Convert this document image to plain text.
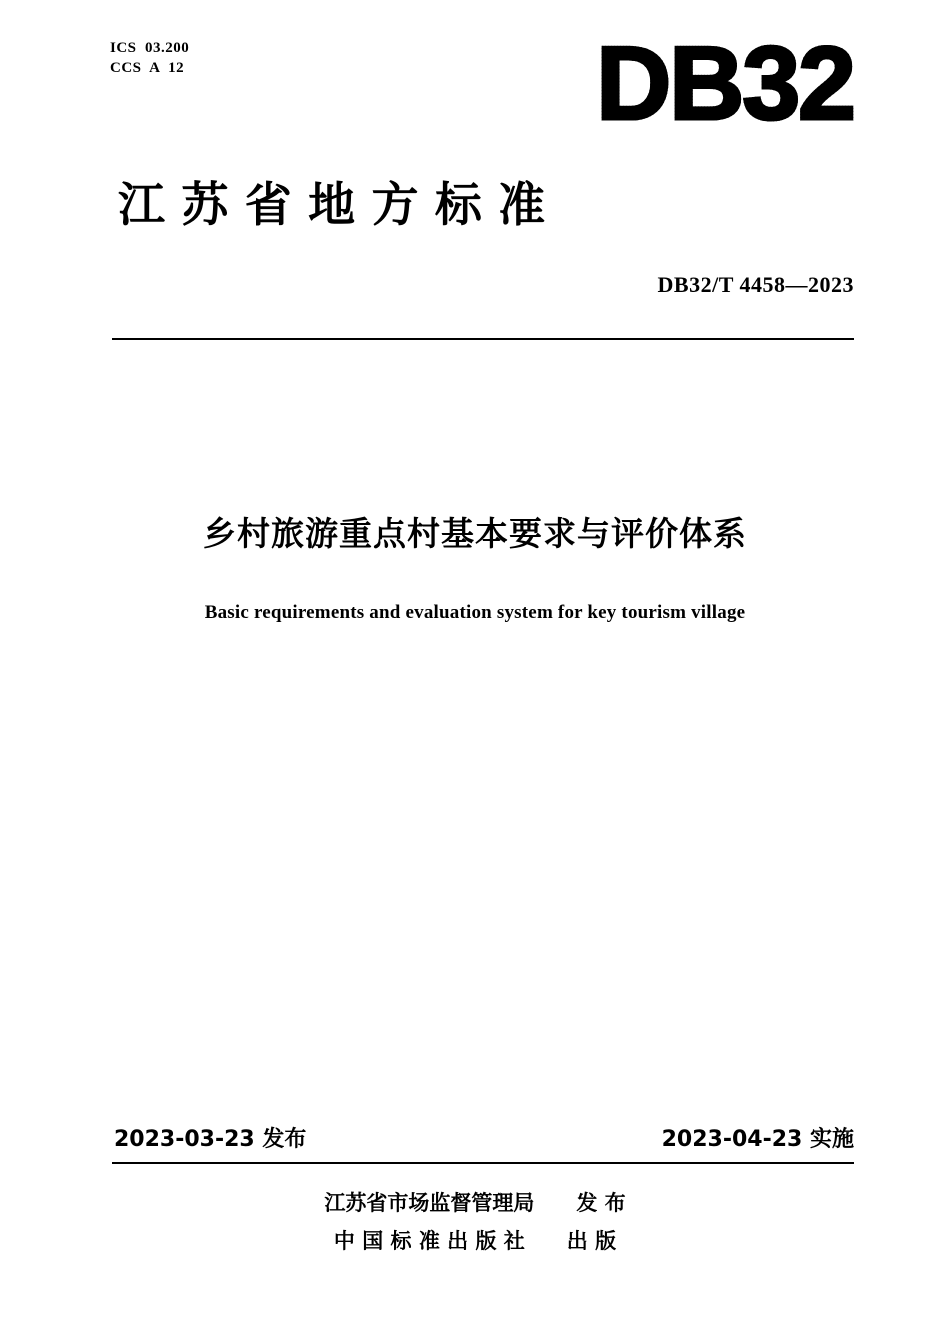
ICS  03.200
CCS  A  12	DB32
江 苏 省 地 方 标 准
DB32/T 4458—2023
乡村旅游重点村基本要求与评价体系
Basic requirements and evaluation system for key tourism village
2023-03-23 发布	2023-04-23 实施
江苏省市场监督管理局　　发 布
中 国 标 准 出 版 社　　出 版
